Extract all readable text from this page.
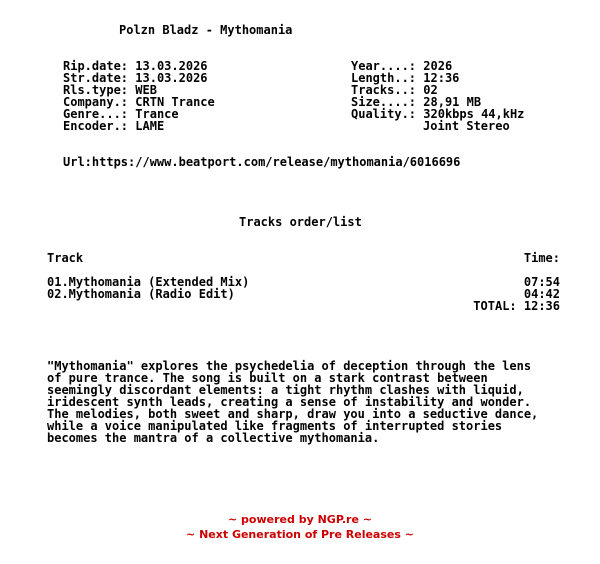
Polzn Bladz - Mythomania
Rip.date: 13.03.2026
Str.date: 13.03.2026
Rls.type: WEB
Company.: CRTN Trance
Genre...: Trance
Encoder.: LAME
Year....: 2026
Length..: 12:36
Tracks..: 02
Size....: 28,91 MB
Quality.: 320kbps 44,kHz
Joint Stereo
Url:https://www.beatport.com/release/mythomania/6016696
Tracks order/list
Track	Time:
01.Mythomania (Extended Mix)	07:54
02.Mythomania (Radio Edit)	04:42
TOTAL: 12:36
"Mythomania" explores the psychedelia of deception through the lens
of pure trance. The song is built on a stark contrast between
seemingly discordant elements: a tight rhythm clashes with liquid,
iridescent synth leads, creating a sense of instability and wonder.
The melodies, both sweet and sharp, draw you into a seductive dance,
while a voice manipulated like fragments of interrupted stories
becomes the mantra of a collective mythomania.
~ powered by NGP.re ~
~ Next Generation of Pre Releases ~
